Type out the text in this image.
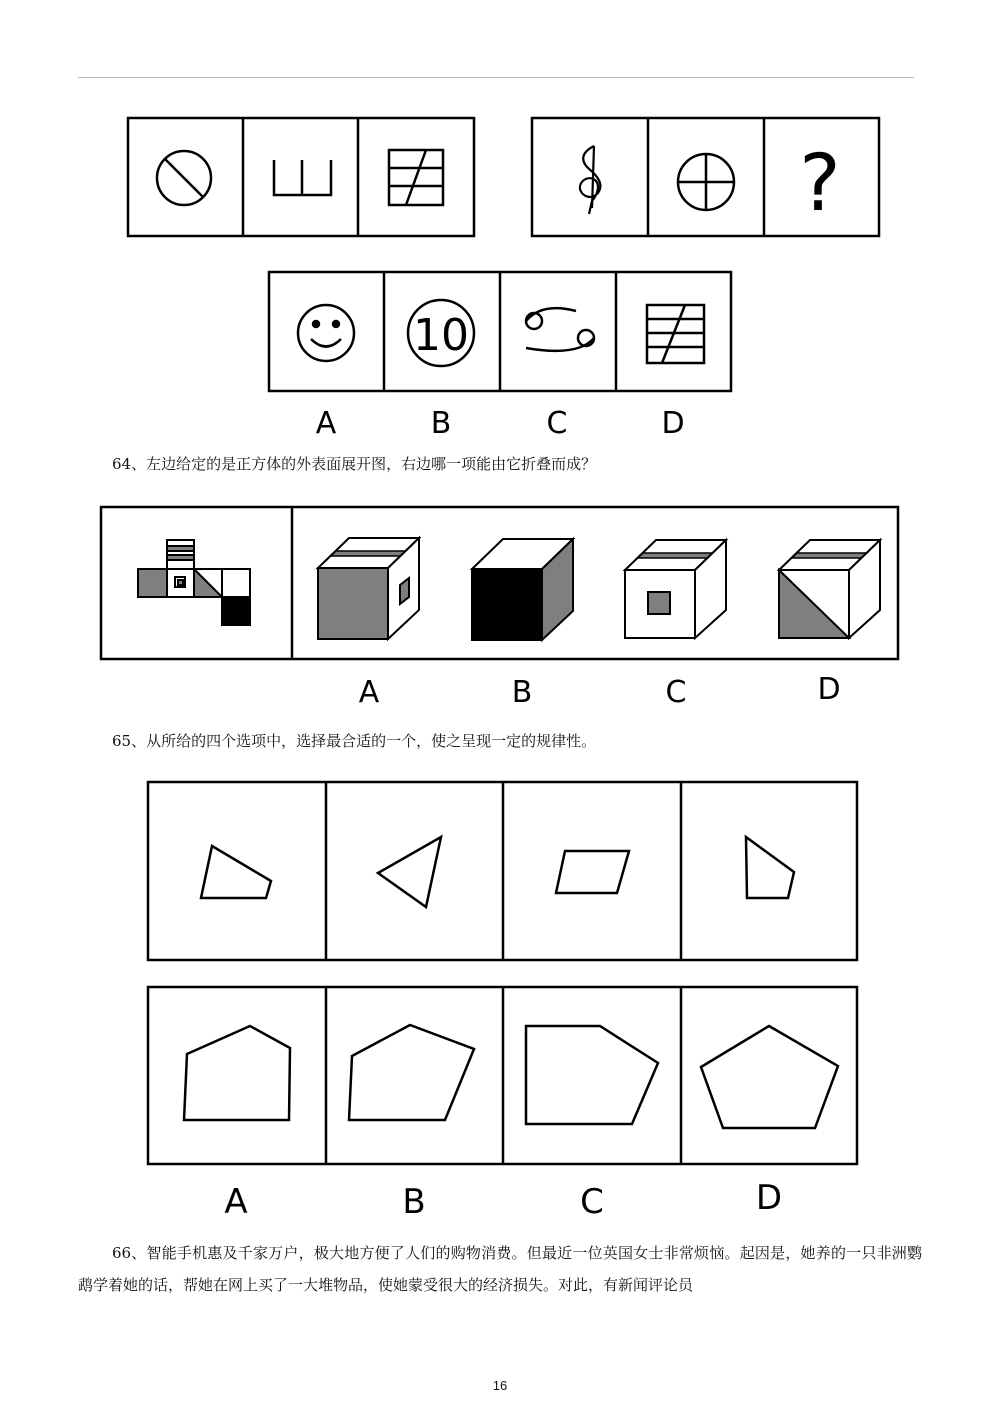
?
10
A	B	C	D

64、左边给定的是正方体的外表面展开图，右边哪一项能由它折叠而成？

A	B	C	D

65、从所给的四个选项中，选择最合适的一个，使之呈现一定的规律性。

A	B	C	D

66、智能手机惠及千家万户，极大地方便了人们的购物消费。但最近一位英国女士非常烦恼。起因是，她养的一只非洲鹦鹉学着她的话，帮她在网上买了一大堆物品，使她蒙受很大的经济损失。对此，有新闻评论员

16
